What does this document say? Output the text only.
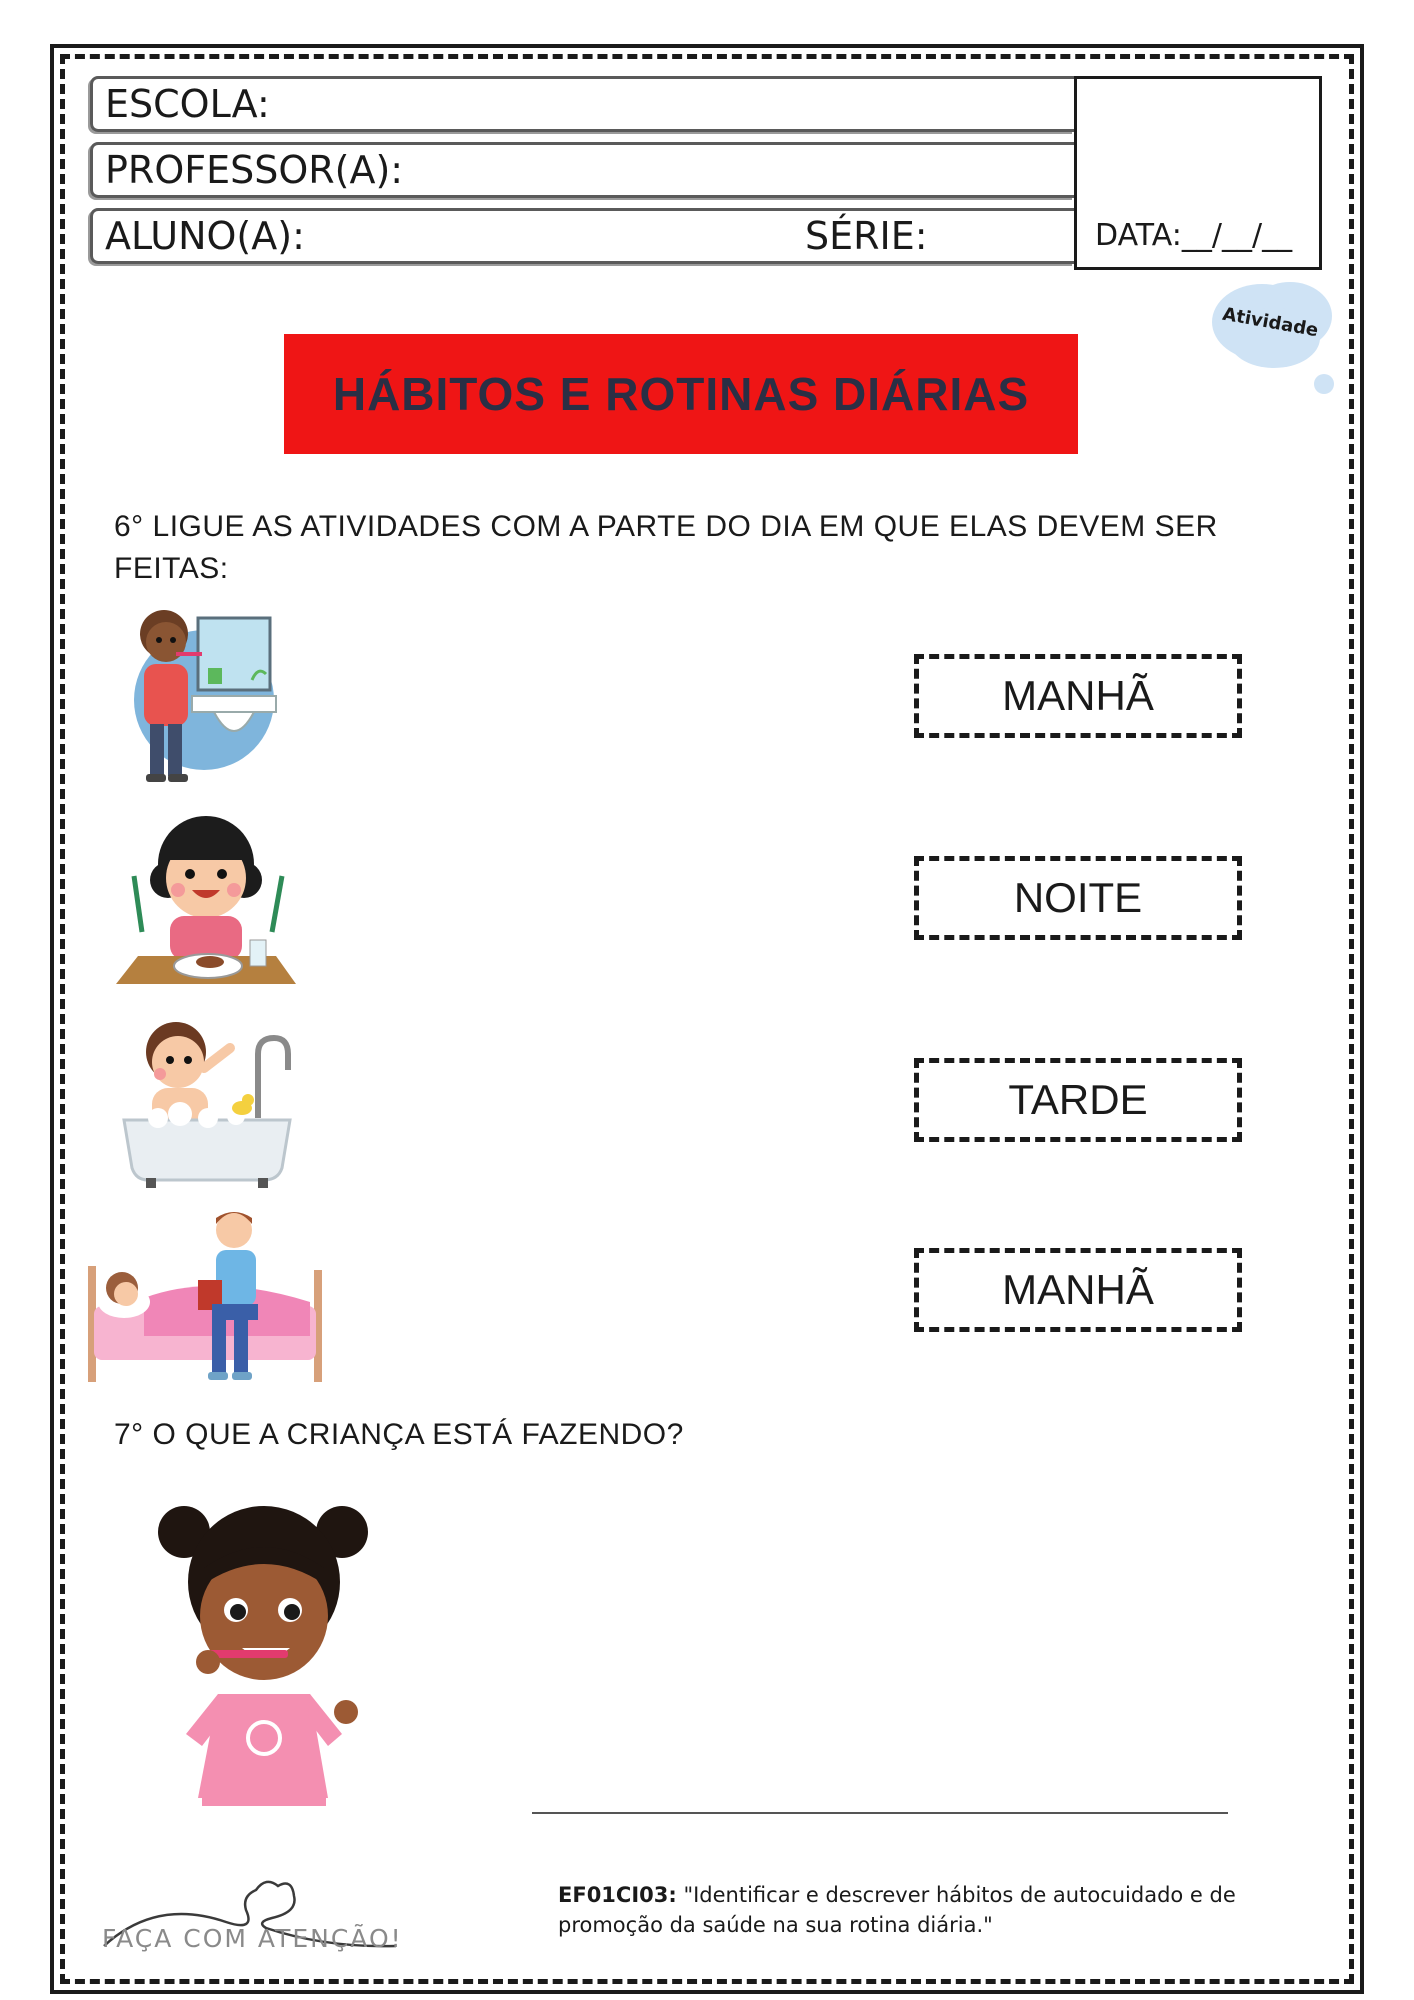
ESCOLA:
PROFESSOR(A):
ALUNO(A):	SÉRIE:	DATA:__/__/__
Atividade
HÁBITOS E ROTINAS DIÁRIAS
6° LIGUE AS ATIVIDADES COM A PARTE DO DIA EM QUE ELAS DEVEM SER FEITAS:
MANHÃ
NOITE
TARDE
MANHÃ
7° O QUE A CRIANÇA ESTÁ FAZENDO?
FAÇA COM ATENÇÃO!
EF01CI03: "Identificar e descrever hábitos de autocuidado e de promoção da saúde na sua rotina diária."
